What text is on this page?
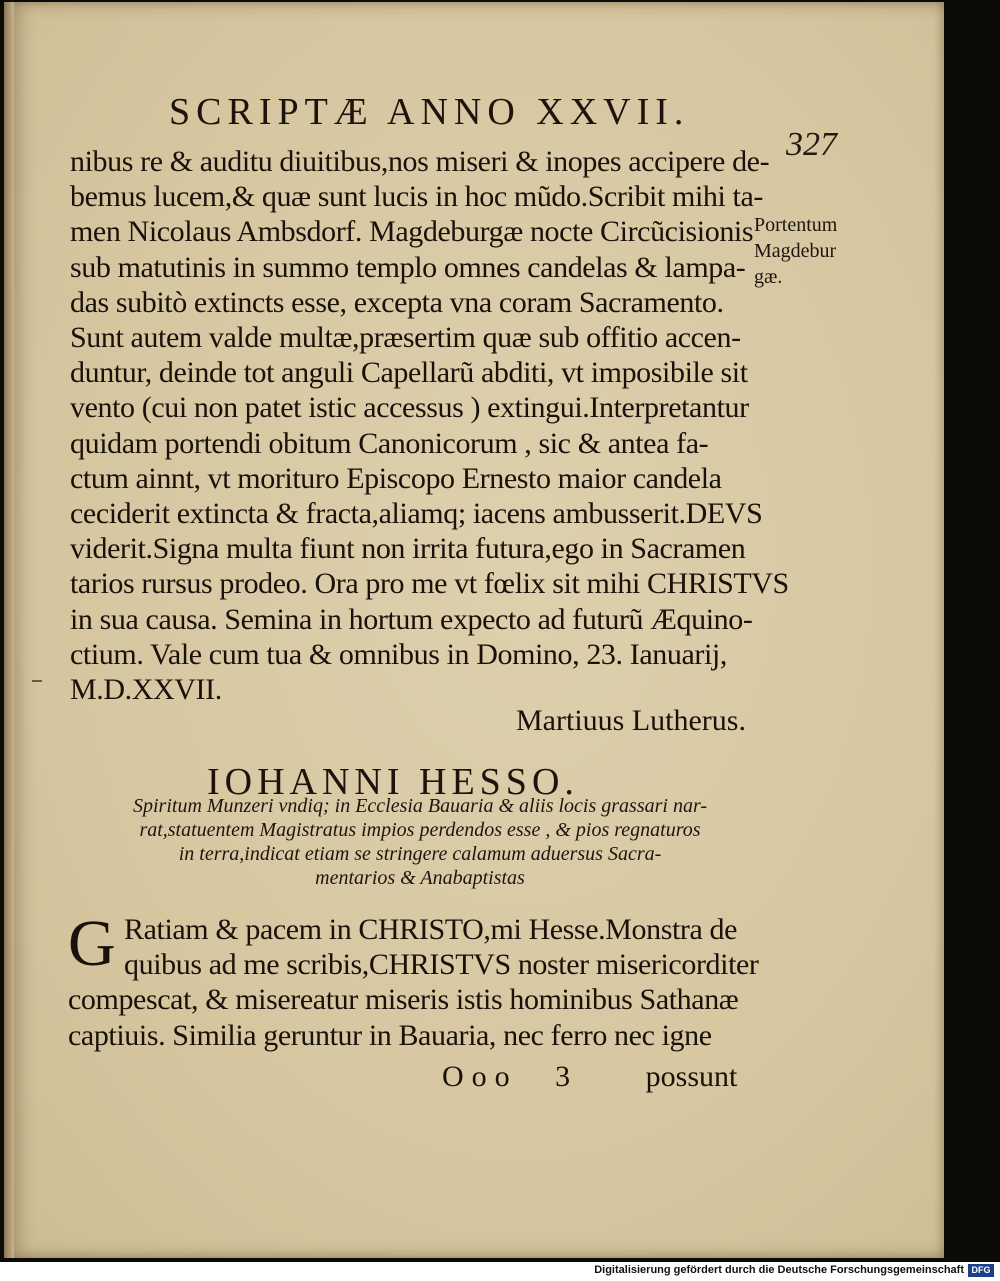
SCRIPTÆ ANNO XXVII.
327
nibus re & auditu diuitibus,nos miseri & inopes accipere de-
bemus lucem,& quæ sunt lucis in hoc mũdo.Scribit mihi ta-
men Nicolaus Ambsdorf. Magdeburgæ nocte Circũcisionis
sub matutinis in summo templo omnes candelas & lampa-
das subitò extincts esse, excepta vna coram Sacramento.
Sunt autem valde multæ,præsertim quæ sub offitio accen-
duntur, deinde tot anguli Capellarũ abditi, vt imposibile sit
vento (cui non patet istic accessus ) extingui.Interpretantur
quidam portendi obitum Canonicorum , sic & antea fa-
ctum ainnt, vt morituro Episcopo Ernesto maior candela
ceciderit extincta & fracta,aliamq; iacens ambusserit.DEVS
viderit.Signa multa fiunt non irrita futura,ego in Sacramen
tarios rursus prodeo. Ora pro me vt fœlix sit mihi CHRISTVS
in sua causa. Semina in hortum expecto ad futurũ Æquino-
ctium. Vale cum tua & omnibus in Domino, 23. Ianuarij,
M.D.XXVII.
Portentum
Magdebur
gæ.
Martiuus Lutherus.
IOHANNI HESSO.
Spiritum Munzeri vndiq; in Ecclesia Bauaria & aliis locis grassari nar-
rat,statuentem Magistratus impios perdendos esse , & pios regnaturos
in terra,indicat etiam se stringere calamum aduersus Sacra-
mentarios & Anabaptistas
G Ratiam & pacem in CHRISTO,mi Hesse.Monstra de
quibus ad me scribis,CHRISTVS noster misericorditer
compescat, & misereatur miseris istis hominibus Sathanæ
captiuis. Similia geruntur in Bauaria, nec ferro nec igne
Ooo 3	possunt
Digitalisierung gefördert durch die Deutsche Forschungsgemeinschaft DFG
